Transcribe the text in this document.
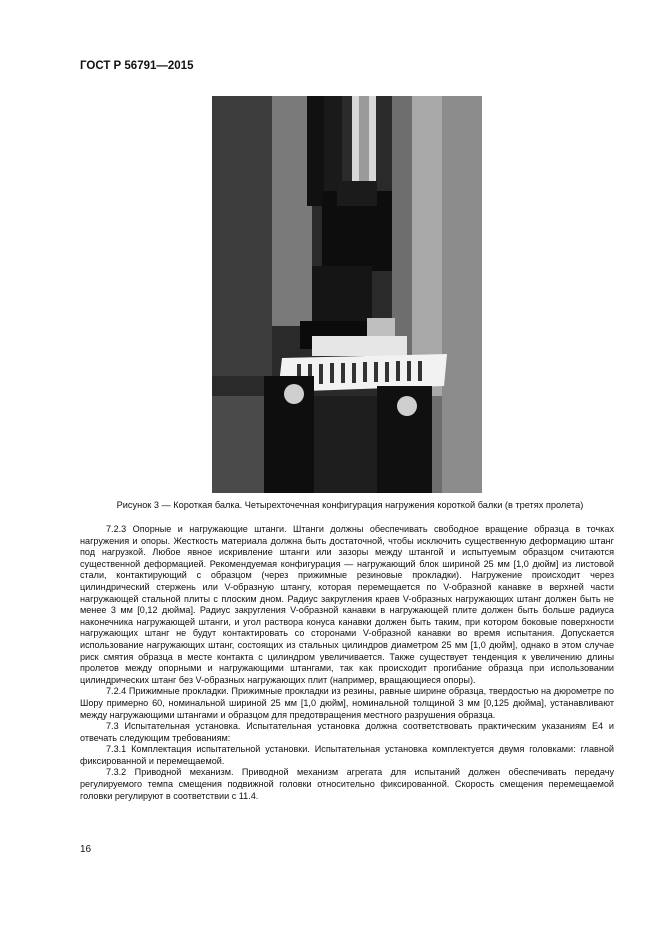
ГОСТ Р 56791—2015
Рисунок 3 — Короткая балка. Четырехточечная конфигурация нагружения короткой балки (в третях пролета)

7.2.3 Опорные и нагружающие штанги. Штанги должны обеспечивать свободное вращение образца в точках нагружения и опоры. Жесткость материала должна быть достаточной, чтобы исключить существенную деформацию штанг под нагрузкой. Любое явное искривление штанги или зазоры между штангой и испытуемым образцом считаются существенной деформацией. Рекомендуемая конфигурация — нагружающий блок шириной 25 мм [1,0 дюйм] из листовой стали, контактирующий с образцом (через прижимные резиновые прокладки). Нагружение происходит через цилиндрический стержень или V-образную штангу, которая перемещается по V-образной канавке в верхней части нагружающей стальной плиты с плоским дном. Радиус закругления краев V-образных нагружающих штанг должен быть не менее 3 мм [0,12 дюйма]. Радиус закругления V-образной канавки в нагружающей плите должен быть больше радиуса наконечника нагружающей штанги, и угол раствора конуса канавки должен быть таким, при котором боковые поверхности нагружающих штанг не будут контактировать со сторонами V-образной канавки во время испытания. Допускается использование нагружающих штанг, состоящих из стальных цилиндров диаметром 25 мм [1,0 дюйм], однако в этом случае риск смятия образца в месте контакта с цилиндром увеличивается. Также существует тенденция к увеличению длины пролетов между опорными и нагружающими штангами, так как происходит прогибание образца при использовании цилиндрических штанг без V-образных нагружающих плит (например, вращающиеся опоры).

7.2.4 Прижимные прокладки. Прижимные прокладки из резины, равные ширине образца, твердостью на дюрометре по Шору примерно 60, номинальной шириной 25 мм [1,0 дюйм], номинальной толщиной 3 мм [0,125 дюйма], устанавливают между нагружающими штангами и образцом для предотвращения местного разрушения образца.

7.3 Испытательная установка. Испытательная установка должна соответствовать практическим указаниям E4 и отвечать следующим требованиям:

7.3.1 Комплектация испытательной установки. Испытательная установка комплектуется двумя головками: главной фиксированной и перемещаемой.

7.3.2 Приводной механизм. Приводной механизм агрегата для испытаний должен обеспечивать передачу регулируемого темпа смещения подвижной головки относительно фиксированной. Скорость смещения перемещаемой головки регулируют в соответствии с 11.4.

16
